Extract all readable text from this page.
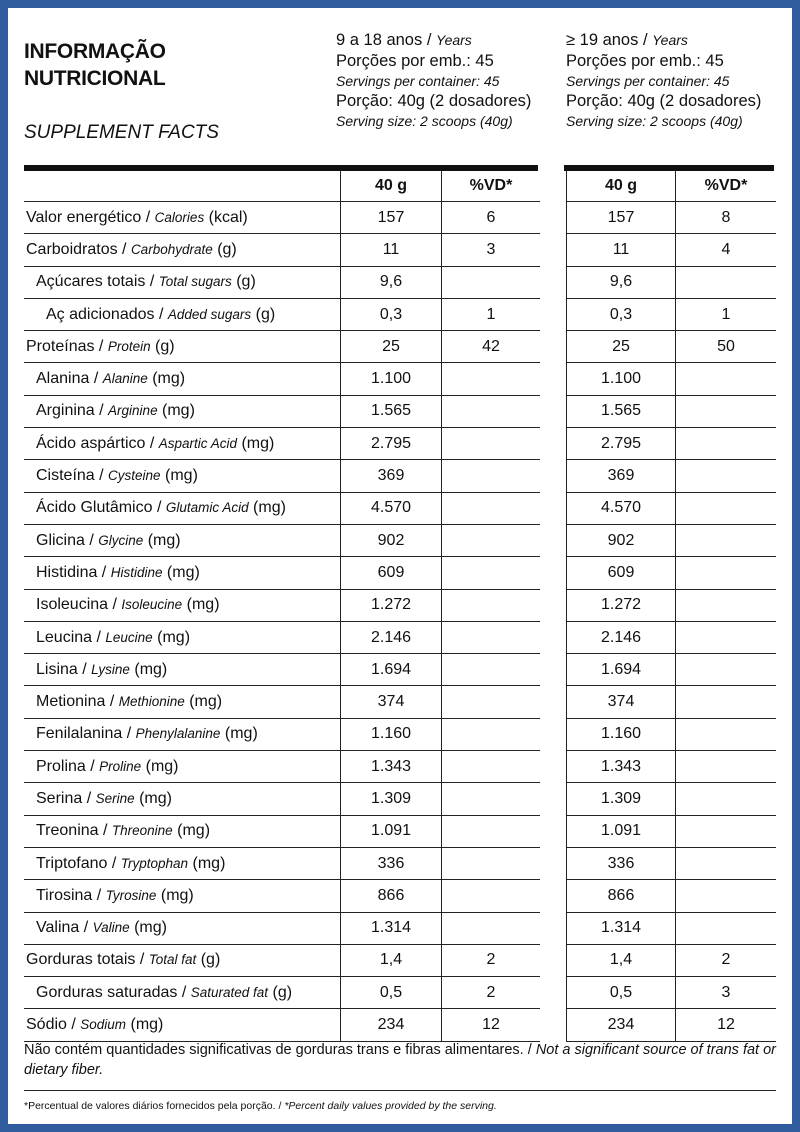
INFORMAÇÃO
NUTRICIONAL
SUPPLEMENT FACTS
9 a 18 anos / Years
Porções por emb.: 45
Servings per container: 45
Porção: 40g (2 dosadores)
Serving size: 2 scoops (40g)
≥ 19 anos / Years
Porções por emb.: 45
Servings per container: 45
Porção: 40g (2 dosadores)
Serving size: 2 scoops (40g)
	40 g	%VD*		40 g	%VD*
Valor energético / Calories (kcal)	157	6		157	8
Carboidratos / Carbohydrate (g)	11	3		11	4
Açúcares totais / Total sugars (g)	9,6			9,6	
Aç adicionados / Added sugars (g)	0,3	1		0,3	1
Proteínas / Protein (g)	25	42		25	50
Alanina / Alanine (mg)	1.100			1.100	
Arginina / Arginine (mg)	1.565			1.565	
Ácido aspártico / Aspartic Acid (mg)	2.795			2.795	
Cisteína / Cysteine (mg)	369			369	
Ácido Glutâmico / Glutamic Acid (mg)	4.570			4.570	
Glicina / Glycine (mg)	902			902	
Histidina / Histidine (mg)	609			609	
Isoleucina / Isoleucine (mg)	1.272			1.272	
Leucina / Leucine (mg)	2.146			2.146	
Lisina / Lysine (mg)	1.694			1.694	
Metionina / Methionine (mg)	374			374	
Fenilalanina / Phenylalanine (mg)	1.160			1.160	
Prolina / Proline (mg)	1.343			1.343	
Serina / Serine (mg)	1.309			1.309	
Treonina / Threonine (mg)	1.091			1.091	
Triptofano / Tryptophan (mg)	336			336	
Tirosina / Tyrosine (mg)	866			866	
Valina / Valine (mg)	1.314			1.314	
Gorduras totais / Total fat (g)	1,4	2		1,4	2
Gorduras saturadas / Saturated fat (g)	0,5	2		0,5	3
Sódio / Sodium (mg)	234	12		234	12
Não contém quantidades significativas de gorduras trans e fibras alimentares. / Not a significant source of trans fat or dietary fiber.
*Percentual de valores diários fornecidos pela porção. / *Percent daily values provided by the serving.
